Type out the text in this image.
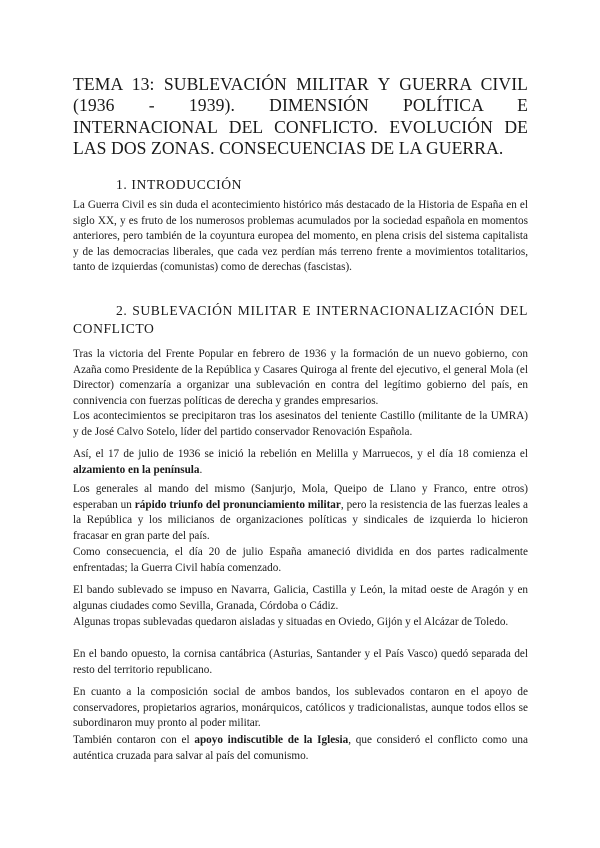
TEMA 13: SUBLEVACIÓN MILITAR Y GUERRA CIVIL (1936 - 1939). DIMENSIÓN POLÍTICA E INTERNACIONAL DEL CONFLICTO. EVOLUCIÓN DE LAS DOS ZONAS. CONSECUENCIAS DE LA GUERRA.
1. INTRODUCCIÓN

La Guerra Civil es sin duda el acontecimiento histórico más destacado de la Historia de España en el siglo XX, y es fruto de los numerosos problemas acumulados por la sociedad española en momentos anteriores, pero también de la coyuntura europea del momento, en plena crisis del sistema capitalista y de las democracias liberales, que cada vez perdían más terreno frente a movimientos totalitarios, tanto de izquierdas (comunistas) como de derechas (fascistas).

2. SUBLEVACIÓN MILITAR E INTERNACIONALIZACIÓN DEL CONFLICTO

Tras la victoria del Frente Popular en febrero de 1936 y la formación de un nuevo gobierno, con Azaña como Presidente de la República y Casares Quiroga al frente del ejecutivo, el general Mola (el Director) comenzaría a organizar una sublevación en contra del legítimo gobierno del país, en connivencia con fuerzas políticas de derecha y grandes empresarios.

Los acontecimientos se precipitaron tras los asesinatos del teniente Castillo (militante de la UMRA) y de José Calvo Sotelo, líder del partido conservador Renovación Española.

Así, el 17 de julio de 1936 se inició la rebelión en Melilla y Marruecos, y el día 18 comienza el alzamiento en la península.

Los generales al mando del mismo (Sanjurjo, Mola, Queipo de Llano y Franco, entre otros) esperaban un rápido triunfo del pronunciamiento militar, pero la resistencia de las fuerzas leales a la República y los milicianos de organizaciones políticas y sindicales de izquierda lo hicieron fracasar en gran parte del país.

Como consecuencia, el día 20 de julio España amaneció dividida en dos partes radicalmente enfrentadas; la Guerra Civil había comenzado.

El bando sublevado se impuso en Navarra, Galicia, Castilla y León, la mitad oeste de Aragón y en algunas ciudades como Sevilla, Granada, Córdoba o Cádiz.

Algunas tropas sublevadas quedaron aisladas y situadas en Oviedo, Gijón y el Alcázar de Toledo.

En el bando opuesto, la cornisa cantábrica (Asturias, Santander y el País Vasco) quedó separada del resto del territorio republicano.

En cuanto a la composición social de ambos bandos, los sublevados contaron en el apoyo de conservadores, propietarios agrarios, monárquicos, católicos y tradicionalistas, aunque todos ellos se subordinaron muy pronto al poder militar.

También contaron con el apoyo indiscutible de la Iglesia, que consideró el conflicto como una auténtica cruzada para salvar al país del comunismo.
